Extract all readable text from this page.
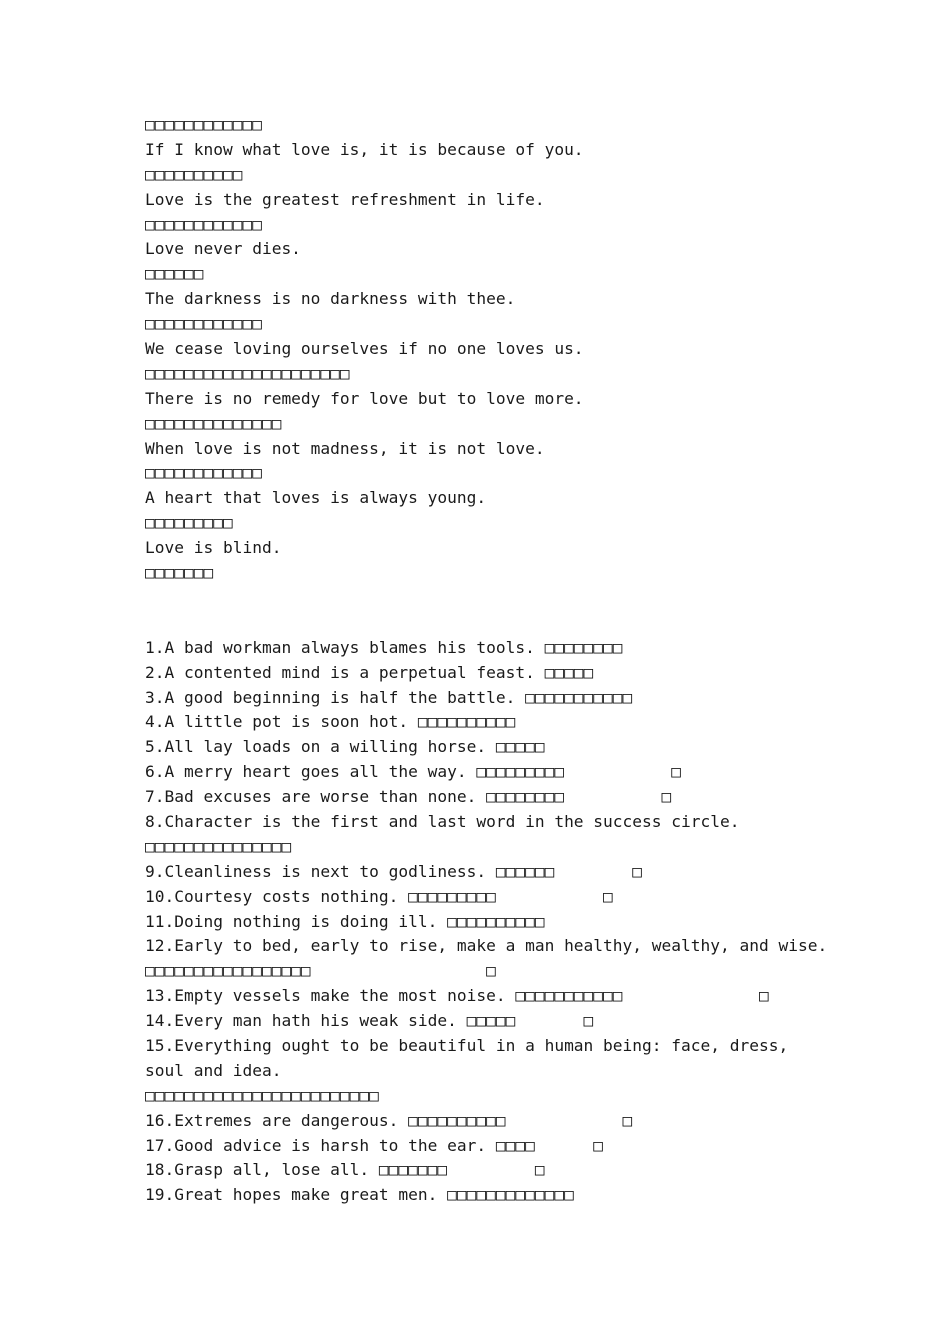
□□□□□□□□□□□□
If I know what love is, it is because of you.
□□□□□□□□□□
Love is the greatest refreshment in life.
□□□□□□□□□□□□
Love never dies.
□□□□□□
The darkness is no darkness with thee.
□□□□□□□□□□□□
We cease loving ourselves if no one loves us.
□□□□□□□□□□□□□□□□□□□□□
There is no remedy for love but to love more.
□□□□□□□□□□□□□□
When love is not madness, it is not love.
□□□□□□□□□□□□
A heart that loves is always young.
□□□□□□□□□
Love is blind.
□□□□□□□
1.A bad workman always blames his tools. □□□□□□□□
2.A contented mind is a perpetual feast. □□□□□
3.A good beginning is half the battle. □□□□□□□□□□□
4.A little pot is soon hot. □□□□□□□□□□
5.All lay loads on a willing horse. □□□□□
6.A merry heart goes all the way. □□□□□□□□□           □
7.Bad excuses are worse than none. □□□□□□□□          □
8.Character is the first and last word in the success circle.
□□□□□□□□□□□□□□□
9.Cleanliness is next to godliness. □□□□□□        □
10.Courtesy costs nothing. □□□□□□□□□           □
11.Doing nothing is doing ill. □□□□□□□□□□
12.Early to bed, early to rise, make a man healthy, wealthy, and wise.
□□□□□□□□□□□□□□□□□                  □
13.Empty vessels make the most noise. □□□□□□□□□□□              □
14.Every man hath his weak side. □□□□□       □
15.Everything ought to be beautiful in a human being: face, dress, soul and idea.
□□□□□□□□□□□□□□□□□□□□□□□□
16.Extremes are dangerous. □□□□□□□□□□            □
17.Good advice is harsh to the ear. □□□□      □
18.Grasp all, lose all. □□□□□□□         □
19.Great hopes make great men. □□□□□□□□□□□□□
